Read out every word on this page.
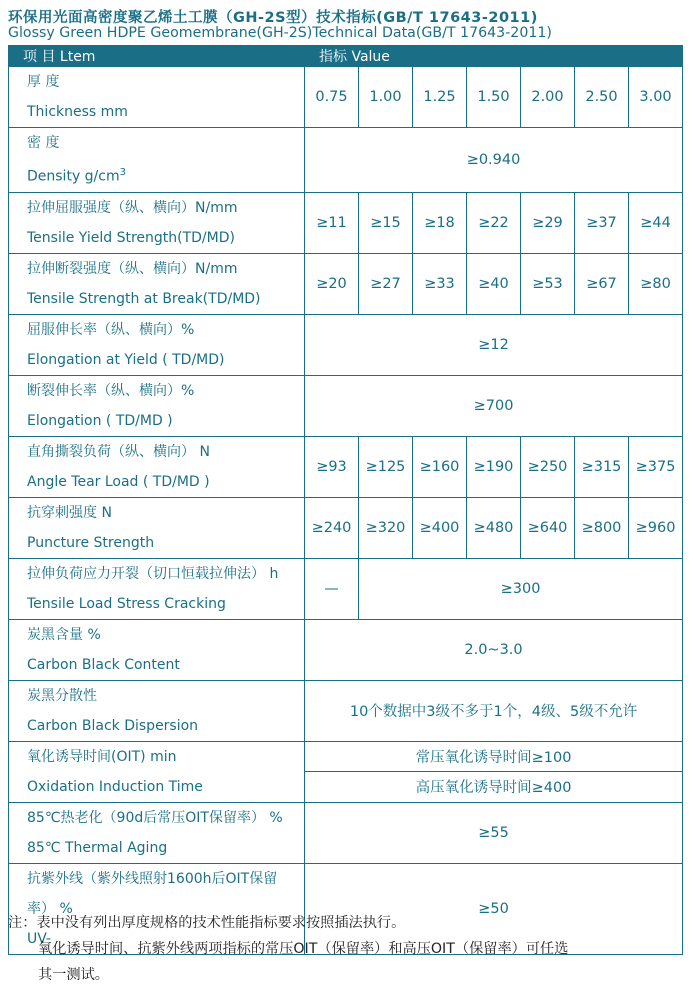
环保用光面高密度聚乙烯土工膜（GH-2S型）技术指标(GB/T 17643-2011)
Glossy Green HDPE Geomembrane(GH-2S)Technical Data(GB/T 17643-2011)
项 目 Ltem	指标 Value						

厚 度
Thickness mm	0.75	1.00	1.25	1.50	2.00	2.50	3.00

密 度
Density $g/cm^3$	≥0.940						

拉伸屈服强度（纵、横向）N/mm
Tensile Yield Strength(TD/MD)	≥11	≥15	≥18	≥22	≥29	≥37	≥44

拉伸断裂强度（纵、横向）N/mm
Tensile Strength at Break(TD/MD)	≥20	≥27	≥33	≥40	≥53	≥67	≥80

屈服伸长率（纵、横向）%
Elongation at Yield ( TD/MD)	≥12						

断裂伸长率（纵、横向）%
Elongation ( TD/MD )	≥700						

直角撕裂负荷（纵、横向） N
Angle Tear Load ( TD/MD )	≥93	≥125	≥160	≥190	≥250	≥315	≥375

抗穿刺强度 N
Puncture Strength	≥240	≥320	≥400	≥480	≥640	≥800	≥960

拉伸负荷应力开裂（切口恒载拉伸法） h
Tensile Load Stress Cracking	—	≥300					

炭黑含量 %
Carbon Black Content	2.0~3.0						

炭黑分散性
Carbon Black Dispersion	10个数据中3级不多于1个，4级、5级不允许						

氧化诱导时间(OIT) min
Oxidation Induction Time	常压氧化诱导时间≥100						
	高压氧化诱导时间≥400						

85℃热老化（90d后常压OIT保留率） %
85℃ Thermal Aging	≥55						

抗紫外线（紫外线照射1600h后OIT保留率） %
UV-	≥50						
注：表中没有列出厚度规格的技术性能指标要求按照插法执行。
氧化诱导时间、抗紫外线两项指标的常压OIT（保留率）和高压OIT（保留率）可任选
其一测试。
